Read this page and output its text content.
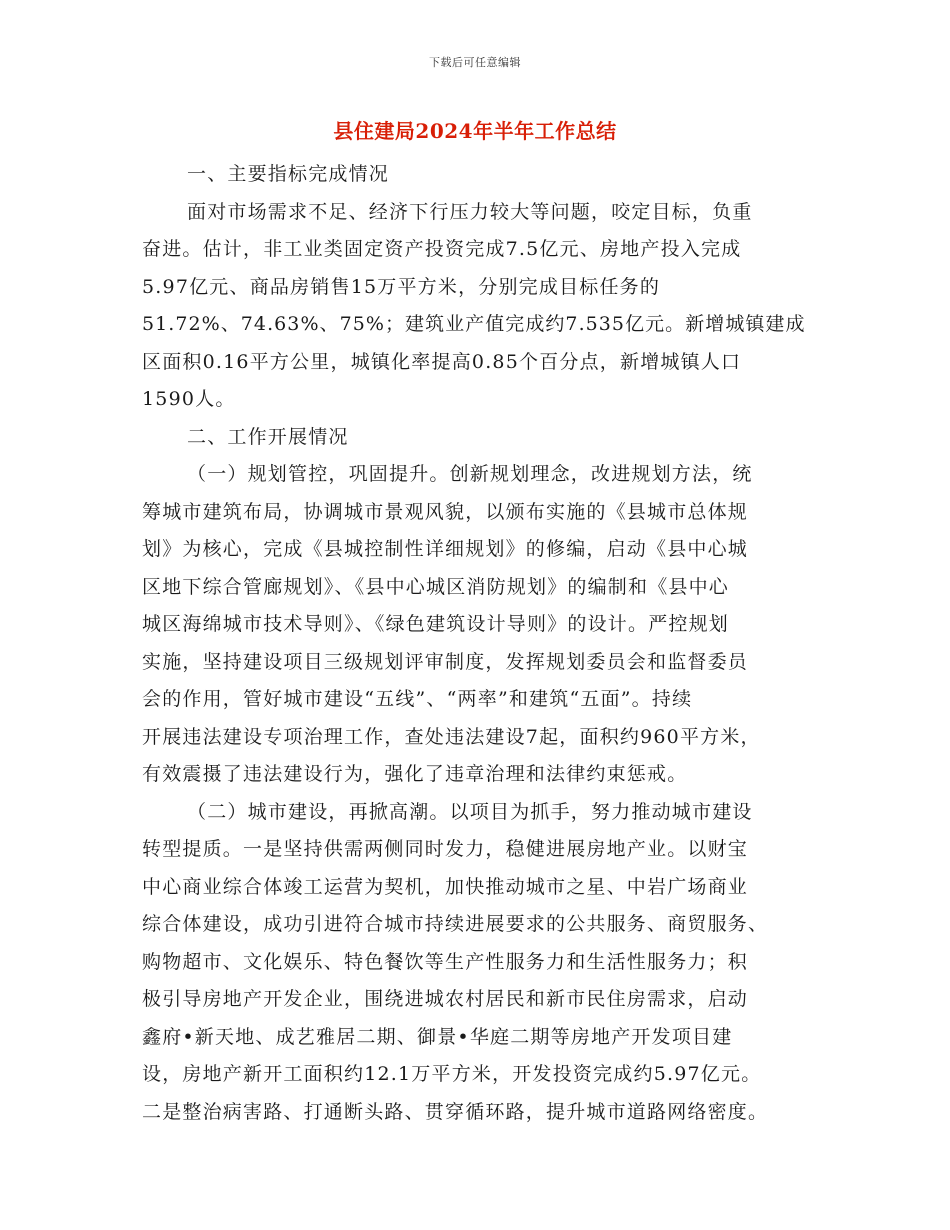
下载后可任意编辑
县住建局2024年半年工作总结
一、主要指标完成情况
面对市场需求不足、经济下行压力较大等问题，咬定目标，负重
奋进。估计，非工业类固定资产投资完成7.5亿元、房地产投入完成
5.97亿元、商品房销售15万平方米，分别完成目标任务的
51.72%、74.63%、75%；建筑业产值完成约7.535亿元。新增城镇建成
区面积0.16平方公里，城镇化率提高0.85个百分点，新增城镇人口
1590人。
二、工作开展情况
（一）规划管控，巩固提升。创新规划理念，改进规划方法，统
筹城市建筑布局，协调城市景观风貌，以颁布实施的《县城市总体规
划》为核心，完成《县城控制性详细规划》的修编，启动《县中心城
区地下综合管廊规划》、《县中心城区消防规划》的编制和《县中心
城区海绵城市技术导则》、《绿色建筑设计导则》的设计。严控规划
实施，坚持建设项目三级规划评审制度，发挥规划委员会和监督委员
会的作用，管好城市建设“五线”、“两率”和建筑“五面”。持续
开展违法建设专项治理工作，查处违法建设7起，面积约960平方米，
有效震摄了违法建设行为，强化了违章治理和法律约束惩戒。
（二）城市建设，再掀高潮。以项目为抓手，努力推动城市建设
转型提质。一是坚持供需两侧同时发力，稳健进展房地产业。以财宝
中心商业综合体竣工运营为契机，加快推动城市之星、中岩广场商业
综合体建设，成功引进符合城市持续进展要求的公共服务、商贸服务、
购物超市、文化娱乐、特色餐饮等生产性服务力和生活性服务力；积
极引导房地产开发企业，围绕进城农村居民和新市民住房需求，启动
鑫府•新天地、成艺雅居二期、御景•华庭二期等房地产开发项目建
设，房地产新开工面积约12.1万平方米，开发投资完成约5.97亿元。
二是整治病害路、打通断头路、贯穿循环路，提升城市道路网络密度。
